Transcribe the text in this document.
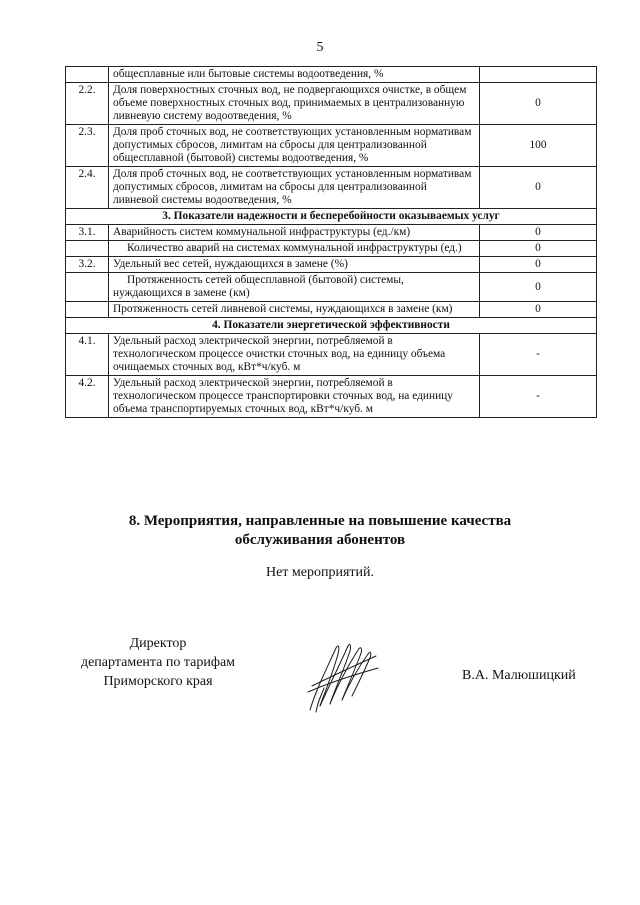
5
	общесплавные или бытовые системы водоотведения, %	
2.2.	Доля поверхностных сточных вод, не подвергающихся очистке, в общем объеме поверхностных сточных вод, принимаемых в централизованную ливневую систему водоотведения, %	0
2.3.	Доля проб сточных вод, не соответствующих установленным нормативам допустимых сбросов, лимитам на сбросы для централизованной общесплавной (бытовой) системы водоотведения, %	100
2.4.	Доля проб сточных вод, не соответствующих установленным нормативам допустимых сбросов, лимитам на сбросы для централизованной ливневой системы водоотведения, %	0
3. Показатели надежности и бесперебойности оказываемых услуг		
3.1.	Аварийность систем коммунальной инфраструктуры (ед./км)	0
	Количество аварий на системах коммунальной инфраструктуры (ед.)	0
3.2.	Удельный вес сетей, нуждающихся в замене (%)	0
	Протяженность сетей общесплавной (бытовой) системы, нуждающихся в замене (км)	0
	Протяженность сетей ливневой системы, нуждающихся в замене (км)	0
4. Показатели энергетической эффективности		
4.1.	Удельный расход электрической энергии, потребляемой в технологическом процессе очистки сточных вод, на единицу объема очищаемых сточных вод, кВт*ч/куб. м	-
4.2.	Удельный расход электрической энергии, потребляемой в технологическом процессе транспортировки сточных вод, на единицу объема транспортируемых сточных вод, кВт*ч/куб. м	-
8. Мероприятия, направленные на повышение качества
обслуживания абонентов
Нет мероприятий.
Директор
департамента по тарифам
Приморского края	В.А. Малюшицкий
